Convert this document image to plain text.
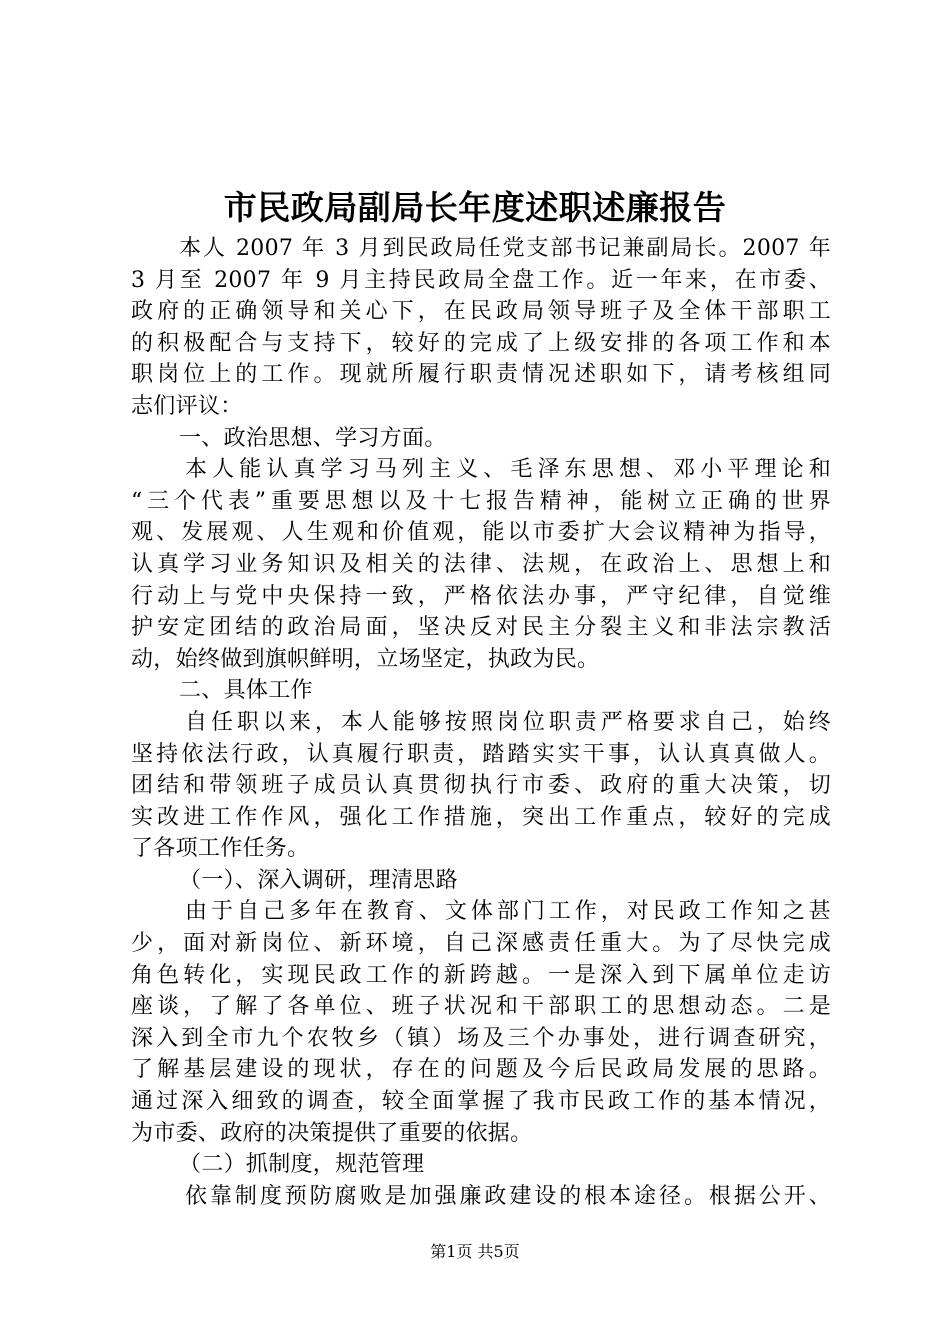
市民政局副局长年度述职述廉报告
本人 2007 年 3 月到民政局任党支部书记兼副局长。2007 年
3 月至 2007 年 9 月主持民政局全盘工作。近一年来，在市委、
政府的正确领导和关心下，在民政局领导班子及全体干部职工
的积极配合与支持下，较好的完成了上级安排的各项工作和本
职岗位上的工作。现就所履行职责情况述职如下，请考核组同
志们评议：
一、政治思想、学习方面。
本人能认真学习马列主义、毛泽东思想、邓小平理论和
“三个代表”重要思想以及十七报告精神，能树立正确的世界
观、发展观、人生观和价值观，能以市委扩大会议精神为指导，
认真学习业务知识及相关的法律、法规，在政治上、思想上和
行动上与党中央保持一致，严格依法办事，严守纪律，自觉维
护安定团结的政治局面，坚决反对民主分裂主义和非法宗教活
动，始终做到旗帜鲜明，立场坚定，执政为民。
二、具体工作
自任职以来，本人能够按照岗位职责严格要求自己，始终
坚持依法行政，认真履行职责，踏踏实实干事，认认真真做人。
团结和带领班子成员认真贯彻执行市委、政府的重大决策，切
实改进工作作风，强化工作措施，突出工作重点，较好的完成
了各项工作任务。
（一）、深入调研，理清思路
由于自己多年在教育、文体部门工作，对民政工作知之甚
少，面对新岗位、新环境，自己深感责任重大。为了尽快完成
角色转化，实现民政工作的新跨越。一是深入到下属单位走访
座谈，了解了各单位、班子状况和干部职工的思想动态。二是
深入到全市九个农牧乡（镇）场及三个办事处，进行调查研究，
了解基层建设的现状，存在的问题及今后民政局发展的思路。
通过深入细致的调查，较全面掌握了我市民政工作的基本情况，
为市委、政府的决策提供了重要的依据。
（二）抓制度，规范管理
依靠制度预防腐败是加强廉政建设的根本途径。根据公开、
第1页 共5页
